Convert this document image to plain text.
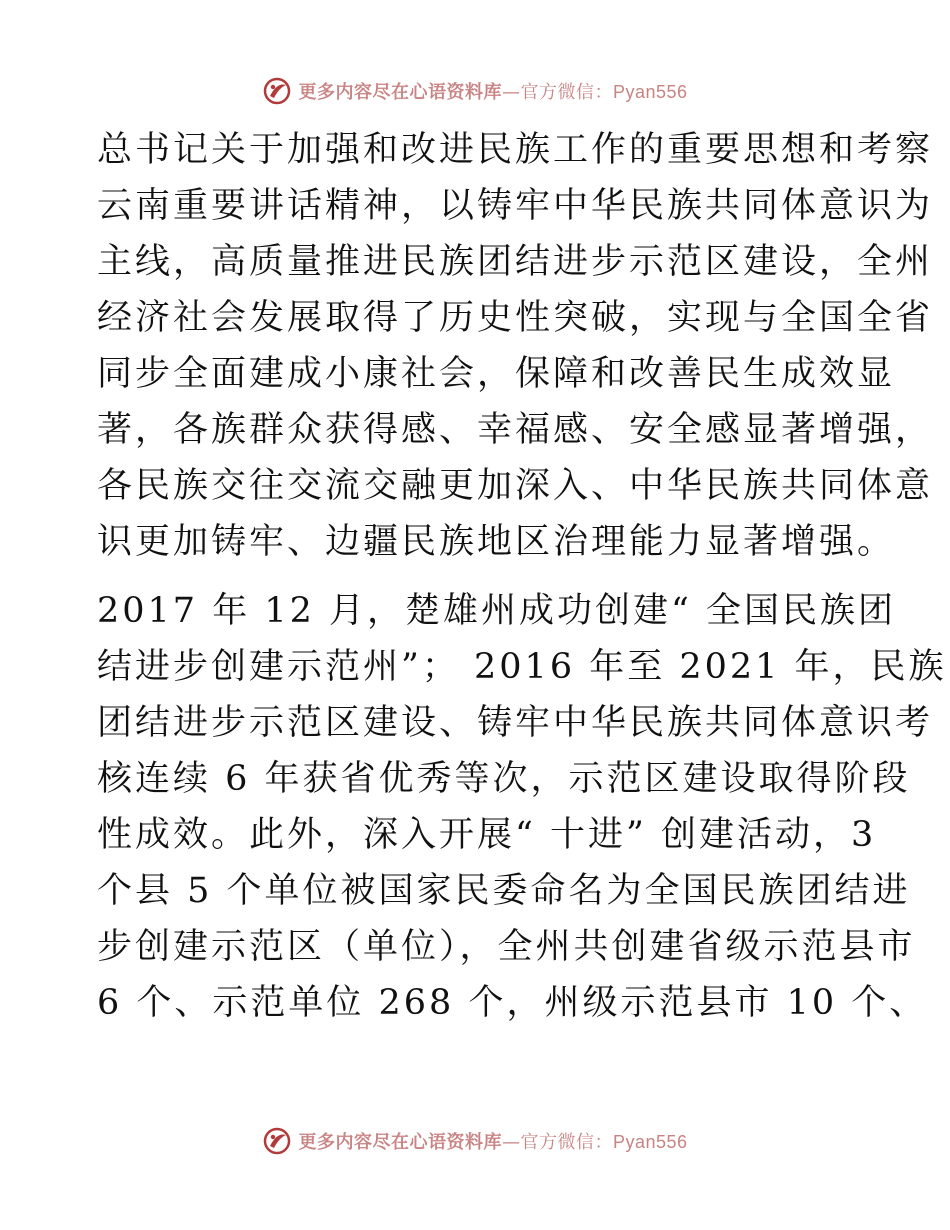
更多内容尽在心语资料库—官方微信：Pyan556
总书记关于加强和改进民族工作的重要思想和考察
云南重要讲话精神，以铸牢中华民族共同体意识为
主线，高质量推进民族团结进步示范区建设，全州
经济社会发展取得了历史性突破，实现与全国全省
同步全面建成小康社会，保障和改善民生成效显
著，各族群众获得感、幸福感、安全感显著增强，
各民族交往交流交融更加深入、中华民族共同体意
识更加铸牢、边疆民族地区治理能力显著增强。
2017 年 12 月，楚雄州成功创建“ 全国民族团
结进步创建示范州”； 2016 年至 2021 年，民族
团结进步示范区建设、铸牢中华民族共同体意识考
核连续 6 年获省优秀等次，示范区建设取得阶段
性成效。此外，深入开展“ 十进” 创建活动，3
个县 5 个单位被国家民委命名为全国民族团结进
步创建示范区（单位），全州共创建省级示范县市
6 个、示范单位 268 个，州级示范县市 10 个、
更多内容尽在心语资料库—官方微信：Pyan556
